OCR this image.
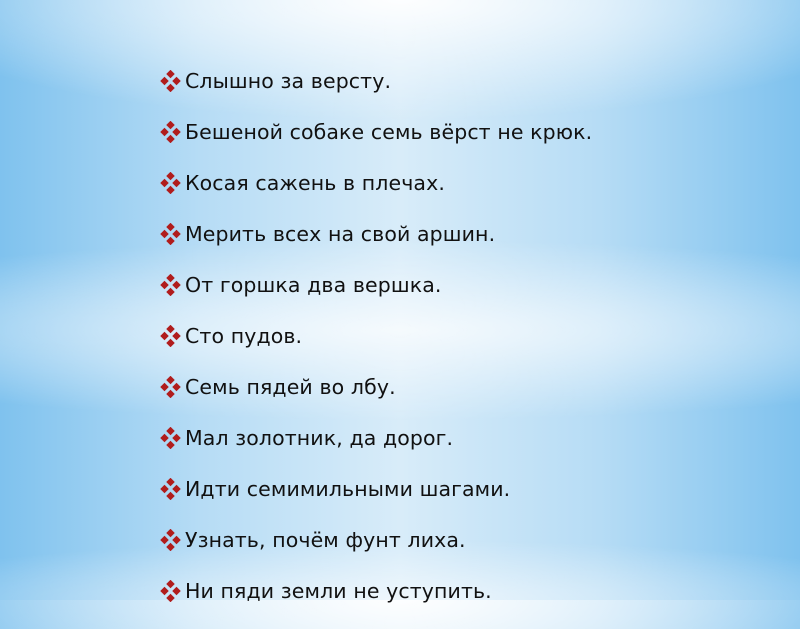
Слышно за версту.
Бешеной собаке семь вёрст не крюк.
Косая сажень в плечах.
Мерить всех на свой аршин.
От горшка два вершка.
Сто пудов.
Семь пядей во лбу.
Мал золотник, да дорог.
Идти семимильными шагами.
Узнать, почём фунт лиха.
Ни пяди земли не уступить.
